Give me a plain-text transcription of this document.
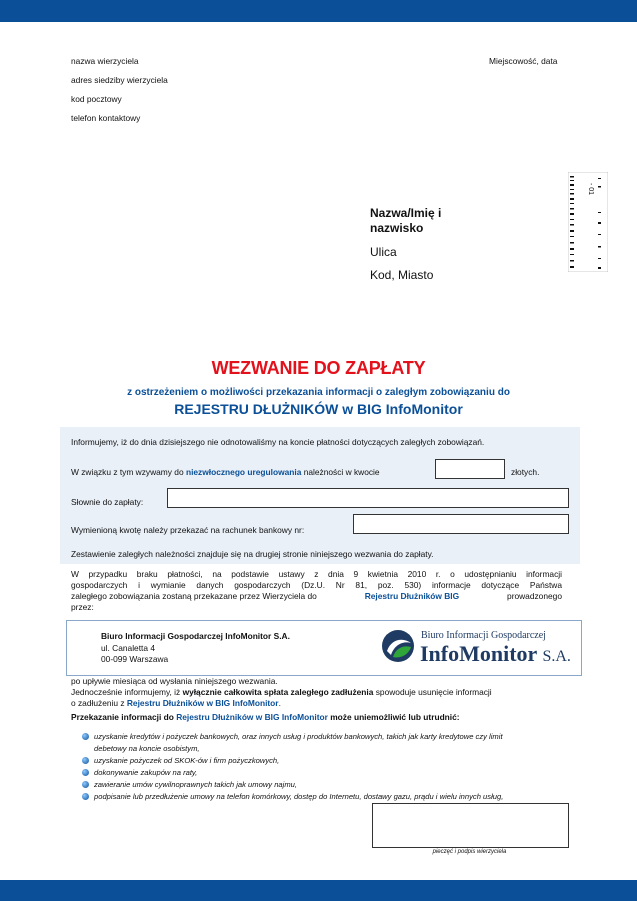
nazwa wierzyciela
adres siedziby wierzyciela
kod pocztowy
telefon kontaktowy
Miejscowość, data
- 01
Nazwa/Imię i nazwisko
Ulica
Kod, Miasto
WEZWANIE DO ZAPŁATY
z ostrzeżeniem o możliwości przekazania informacji o zaległym zobowiązaniu do
REJESTRU DŁUŻNIKÓW w BIG InfoMonitor
Informujemy, iż do dnia dzisiejszego nie odnotowaliśmy na koncie płatności dotyczących zaległych zobowiązań.
W związku z tym wzywamy do niezwłocznego uregulowania należności w kwocie	złotych.
Słownie do zapłaty:
Wymienioną kwotę należy przekazać na rachunek bankowy nr:
Zestawienie zaległych należności znajduje się na drugiej stronie niniejszego wezwania do zapłaty.
W przypadku braku płatności, na podstawie ustawy z dnia 9 kwietnia 2010 r. o udostępnianiu informacji
gospodarczych i wymianie danych gospodarczych (Dz.U. Nr 81, poz. 530) informacje dotyczące Państwa
zaległego zobowiązania zostaną przekazane przez Wierzyciela do	Rejestru Dłużników BIG	prowadzonego
przez:
Biuro Informacji Gospodarczej InfoMonitor S.A.
ul. Canaletta 4
00-099 Warszawa
Biuro Informacji Gospodarczej
InfoMonitor S.A.
po upływie miesiąca od wysłania niniejszego wezwania.
Jednocześnie informujemy, iż wyłącznie całkowita spłata zaległego zadłużenia spowoduje usunięcie informacji
o zadłużeniu z Rejestru Dłużników w BIG InfoMonitor.
Przekazanie informacji do Rejestru Dłużników w BIG InfoMonitor może uniemożliwić lub utrudnić:
uzyskanie kredytów i pożyczek bankowych, oraz innych usług i produktów bankowych, takich jak karty kredytowe czy limit
debetowy na koncie osobistym,
uzyskanie pożyczek od SKOK-ów i firm pożyczkowych,
dokonywanie zakupów na raty,
zawieranie umów cywilnoprawnych takich jak umowy najmu,
podpisanie lub przedłużenie umowy na telefon komórkowy, dostęp do Internetu, dostawy gazu, prądu i wielu innych usług,
pieczęć i podpis wierzyciela
